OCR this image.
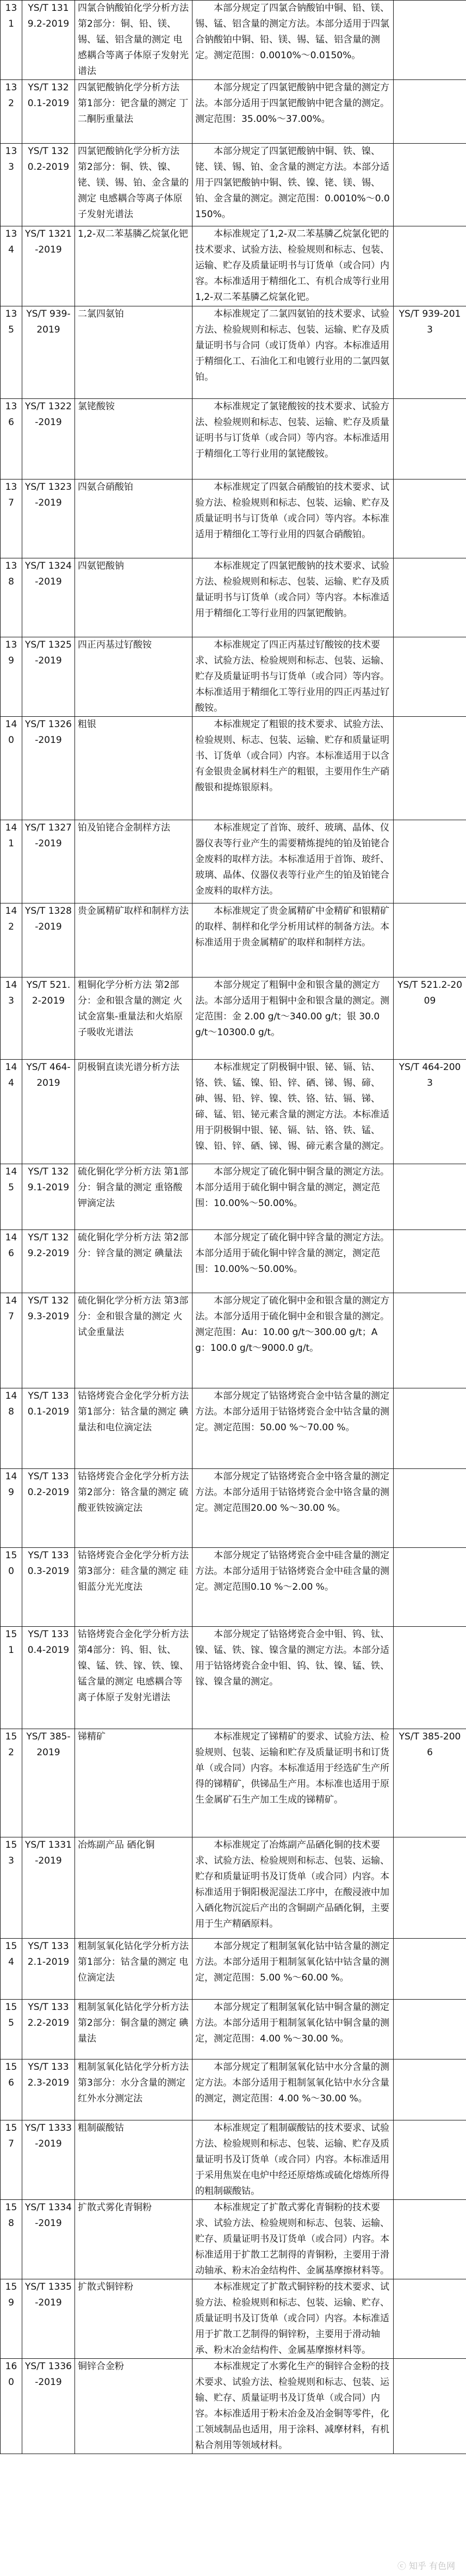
131	YS/T 1319.2-2019	四氯合钠酸铂化学分析方法 第2部分：铜、铅、镁、锡、锰、铝含量的测定 电感耦合等离子体原子发射光谱法	本部分规定了四氯合钠酸铂中铜、铅、镁、锡、锰、铝含量的测定方法。本部分适用于四氯合钠酸铂中铜、铅、镁、锡、锰、铝含量的测定。测定范围：0.0010%～0.0150%。	
132	YS/T 1320.1-2019	四氯钯酸钠化学分析方法 第1部分：钯含量的测定 丁二酮肟重量法	本部分规定了四氯钯酸钠中钯含量的测定方法。本部分适用于四氯钯酸钠中钯含量的测定。测定范围：35.00%～37.00%。	
133	YS/T 1320.2-2019	四氯钯酸钠化学分析方法 第2部分：铜、铁、镍、铑、镁、锡、铂、金含量的测定 电感耦合等离子体原子发射光谱法	本部分规定了四氯钯酸钠中铜、铁、镍、铑、镁、锡、铂、金含量的测定方法。本部分适用于四氯钯酸钠中铜、铁、镍、铑、镁、锡、铂、金含量的测定。测定范围：0.0010%～0.0150%。	
134	YS/T 1321-2019	1,2-双二苯基膦乙烷氯化钯	本标准规定了1,2-双二苯基膦乙烷氯化钯的技术要求、试验方法、检验规则和标志、包装、运输、贮存及质量证明书与订货单（或合同）内容。本标准适用于精细化工、有机合成等行业用1,2-双二苯基膦乙烷氯化钯。	
135	YS/T 939-2019	二氯四氨铂	本标准规定了二氯四氨铂的技术要求、试验方法、检验规则和标志、包装、运输、贮存及质量证明书与合同（或订货单）内容。本标准适用于精细化工、石油化工和电镀行业用的二氯四氨铂。	YS/T 939-2013
136	YS/T 1322-2019	氯铑酸铵	本标准规定了氯铑酸铵的技术要求、试验方法、检验规则和标志、包装、运输、贮存及质量证明书与订货单（或合同）等内容。本标准适用于精细化工等行业用的氯铑酸铵。	
137	YS/T 1323-2019	四氨合硝酸铂	本标准规定了四氨合硝酸铂的技术要求、试验方法、检验规则和标志、包装、运输、贮存及质量证明书与订货单（或合同）等内容。本标准适用于精细化工等行业用的四氨合硝酸铂。	
138	YS/T 1324-2019	四氨钯酸钠	本标准规定了四氯钯酸钠的技术要求、试验方法、检验规则和标志、包装、运输、贮存及质量证明书与订货单（或合同）等内容。本标准适用于精细化工等行业用的四氯钯酸钠。	
139	YS/T 1325-2019	四正丙基过钌酸铵	本标准规定了四正丙基过钌酸铵的技术要求、试验方法、检验规则和标志、包装、运输、贮存及质量证明书与订货单（或合同）等内容。本标准适用于精细化工等行业用的四正丙基过钌酸铵。	
140	YS/T 1326-2019	粗银	本标准规定了粗银的技术要求、试验方法、检验规则、标志、包装、运输、贮存和质量证明书、订货单（或合同）内容。本标准适用于以含有金银贵金属材料生产的粗银，主要用作生产硝酸银和提炼银原料。	
141	YS/T 1327-2019	铂及铂铑合金制样方法	本标准规定了首饰、玻纤、玻璃、晶体、仪器仪表等行业产生的需要精炼提纯的铂及铂铑合金废料的取样方法。本标准适用于首饰、玻纤、玻璃、晶体、仪器仪表等行业产生的铂及铂铑合金废料的取样方法。	
142	YS/T 1328-2019	贵金属精矿取样和制样方法	本标准规定了贵金属精矿中金精矿和银精矿的取样、制样和化学分析用试样的制备方法。本标准适用于贵金属精矿的取样和制样方法。	
143	YS/T 521.2-2019	粗铜化学分析方法 第2部分：金和银含量的测定 火试金富集-重量法和火焰原子吸收光谱法	本部分规定了粗铜中金和银含量的测定方法。本部分适用于粗铜中金和银含量的测定。测定范围：金 2.00 g/t～340.00 g/t；银 30.0 g/t～10300.0 g/t。	YS/T 521.2-2009
144	YS/T 464-2019	阴极铜直读光谱分析方法	本标准规定了阴极铜中银、铋、镉、钴、铬、铁、锰、镍、铅、锌、硒、锑、锡、碲、砷、锡、铅、锌、镍、铁、铬、钴、镉、锑、碲、锰、铝、铋元素含量的测定方法。本标准适用于阴极铜中银、铋、镉、钴、铬、铁、锰、镍、铅、锌、硒、锑、锡、碲元素含量的测定。	YS/T 464-2003
145	YS/T 1329.1-2019	硫化铜化学分析方法 第1部分：铜含量的测定 重铬酸钾滴定法	本部分规定了硫化铜中铜含量的测定方法。本部分适用于硫化铜中铜含量的测定，测定范围：10.00%～50.00%。	
146	YS/T 1329.2-2019	硫化铜化学分析方法 第2部分：锌含量的测定 碘量法	本部分规定了硫化铜中锌含量的测定方法。本部分适用于硫化铜中锌含量的测定，测定范围：10.00%～50.00%。	
147	YS/T 1329.3-2019	硫化铜化学分析方法 第3部分：金和银含量的测定 火试金重量法	本部分规定了硫化铜中金和银含量的测定方法。本部分适用于硫化铜中金和银含量的测定。测定范围：Au：10.00 g/t～300.00 g/t；Ag：100.0 g/t～9000.0 g/t。	
148	YS/T 1330.1-2019	钴铬烤瓷合金化学分析方法 第1部分：钴含量的测定 碘量法和电位滴定法	本部分规定了钴铬烤瓷合金中钴含量的测定方法。本部分适用于钴铬烤瓷合金中钴含量的测定。测定范围：50.00 %～70.00 %。	
149	YS/T 1330.2-2019	钴铬烤瓷合金化学分析方法 第2部分：铬含量的测定 硫酸亚铁铵滴定法	本部分规定了钴铬烤瓷合金中铬含量的测定方法。本部分适用于钴铬烤瓷合金中铬含量的测定。测定范围20.00 %～30.00 %。	
150	YS/T 1330.3-2019	钴铬烤瓷合金化学分析方法 第3部分：硅含量的测定 硅钼蓝分光光度法	本部分规定了钴铬烤瓷合金中硅含量的测定方法。本部分适用于钴铬烤瓷合金中硅含量的测定。测定范围0.10 %～2.00 %。	
151	YS/T 1330.4-2019	钴铬烤瓷合金化学分析方法 第4部分：钨、钼、钛、镍、锰、铁、镓、铁、镍、锰含量的测定 电感耦合等离子体原子发射光谱法	本部分规定了钴铬烤瓷合金中钼、钨、钛、镍、锰、铁、镓、镍含量的测定方法。本部分适用于钴铬烤瓷合金中钼、钨、钛、镍、锰、铁、镓、镍含量的测定。	
152	YS/T 385-2019	锑精矿	本标准规定了锑精矿的要求、试验方法、检验规则、包装、运输和贮存及质量证明书和订货单（或合同）内容。本标准适用于经选矿生产所得的锑精矿，供锑品生产用。本标准也适用于原生金属矿石生产加工生成的锑精矿。	YS/T 385-2006
153	YS/T 1331-2019	冶炼副产品 硒化铜	本标准规定了冶炼副产品硒化铜的技术要求、试验方法、检验规则和标志、包装、运输、贮存和质量证明书及订货单（或合同）内容。本标准适用于铜阳极泥湿法工序中，在酸浸液中加入硒化物沉淀后产出的含铜副产品硒化铜，主要用于生产精硒原料。	
154	YS/T 1332.1-2019	粗制氢氧化钴化学分析方法 第1部分：钴含量的测定 电位滴定法	本部分规定了粗制氢氧化钴中钴含量的测定方法。本部分适用于粗制氢氧化钴中钴含量的测定，测定范围：5.00 %～60.00 %。	
155	YS/T 1332.2-2019	粗制氢氧化钴化学分析方法 第2部分：铜含量的测定 碘量法	本部分规定了粗制氢氧化钴中铜含量的测定方法。本部分适用于粗制氢氧化钴中铜含量的测定，测定范围：4.00 %～30.00 %。	
156	YS/T 1332.3-2019	粗制氢氧化钴化学分析方法 第3部分：水分含量的测定 红外水分测定法	本部分规定了粗制氢氧化钴中水分含量的测定方法。本部分适用于粗制氢氧化钴中水分含量的测定，测定范围：4.00 %～30.00 %。	
157	YS/T 1333-2019	粗制碳酸钴	本标准规定了粗制碳酸钴的技术要求、试验方法、检验规则和标志、包装、运输、贮存及质量证明书及订货单（或合同）内容。本标准适用于采用焦炭在电炉中经还原熔炼或硫化熔炼所得的粗制碳酸钴。	
158	YS/T 1334-2019	扩散式雾化青铜粉	本标准规定了扩散式雾化青铜粉的技术要求、试验方法、检验规则和标志、包装、运输、贮存、质量证明书及订货单（或合同）内容。本标准适用于扩散工艺制得的青铜粉，主要用于滑动轴承、粉末冶金结构件、金属基摩擦材料等。	
159	YS/T 1335-2019	扩散式铜锌粉	本标准规定了扩散式铜锌粉的技术要求、试验方法、检验规则和标志、包装、运输、贮存、质量证明书及订货单（或合同）内容。本标准适用于扩散工艺制得的铜锌粉，主要用于滑动轴承、粉末冶金结构件、金属基摩擦材料等。	
160	YS/T 1336-2019	铜锌合金粉	本标准规定了水雾化生产的铜锌合金粉的技术要求、试验方法、检验规则和标志、包装、运输、贮存、质量证明书及订货单（或合同）内容。本标准适用于粉末冶金及冶金铜等零件，化工领域制品也适用，用于涂料、减摩材料，有机粘合剂用等领域材料。	
ⓒ 知乎 有色网
